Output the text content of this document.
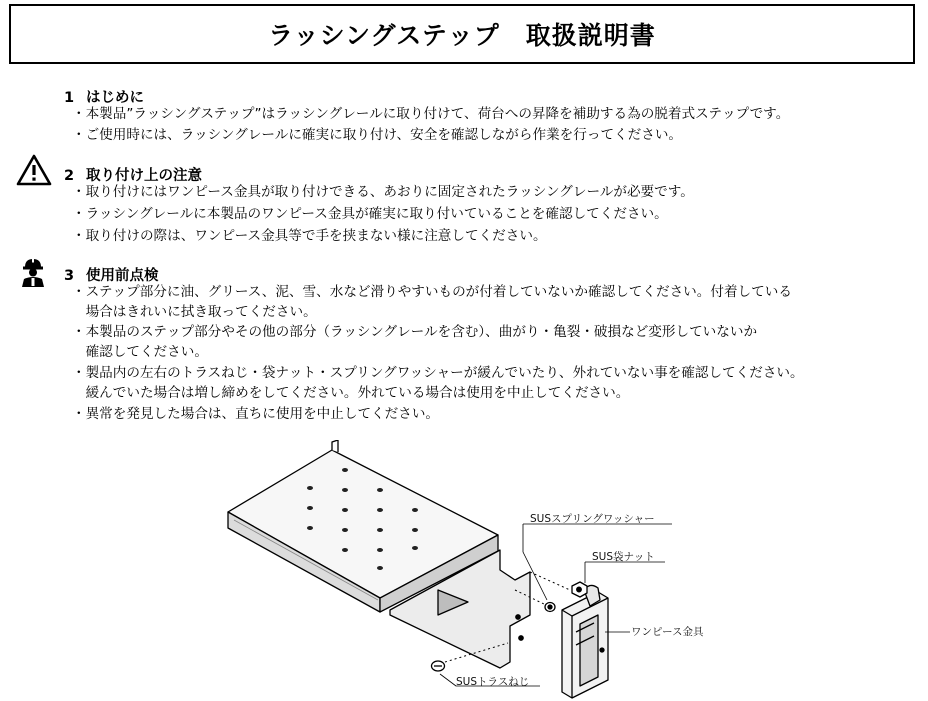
ラッシングステップ　取扱説明書
1 はじめに
・本製品”ラッシングステップ”はラッシングレールに取り付けて、荷台への昇降を補助する為の脱着式ステップです。
・ご使用時には、ラッシングレールに確実に取り付け、安全を確認しながら作業を行ってください。
2 取り付け上の注意
・取り付けにはワンピース金具が取り付けできる、あおりに固定されたラッシングレールが必要です。
・ラッシングレールに本製品のワンピース金具が確実に取り付いていることを確認してください。
・取り付けの際は、ワンピース金具等で手を挟まない様に注意してください。
3 使用前点検
・ステップ部分に油、グリース、泥、雪、水など滑りやすいものが付着していないか確認してください。付着している
　場合はきれいに拭き取ってください。
・本製品のステップ部分やその他の部分（ラッシングレールを含む）、曲がり・亀裂・破損など変形していないか
　確認してください。
・製品内の左右のトラスねじ・袋ナット・スプリングワッシャーが緩んでいたり、外れていない事を確認してください。
　緩んでいた場合は増し締めをしてください。外れている場合は使用を中止してください。
・異常を発見した場合は、直ちに使用を中止してください。
SUSスプリングワッシャー
SUS袋ナット
ワンピース金具
SUSトラスねじ
